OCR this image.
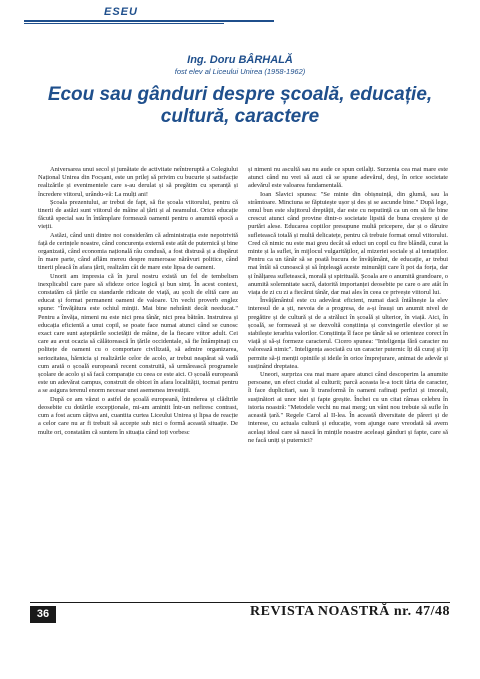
ESEU
Ing. Doru BÂRHALĂ
fost elev al Liceului Unirea (1958-1962)
Ecou sau gânduri despre școală, educație, cultură, caractere

Aniversarea unui secol și jumătate de activitate neîntreruptă a Colegiului Național Unirea din Focșani, este un prilej să privim cu bucurie și satisfacție realizările și evenimentele care s-au derulat și să pregătim cu speranță și încredere viitorul, urându-vă: La mulți ani!

Școala prezentului, ar trebui de fapt, să fie școala viitorului, pentru că tinerii de astăzi sunt viitorul de mâine al țării și al neamului. Orice educație făcută special sau în întâmplare formează oamenii pentru o anumită epocă a vieții.

Astăzi, când unii dintre noi considerăm că administrația este nepotrivită față de cerințele noastre, când concurența externă este atât de puternică și bine organizată, când economia națională râu condusă, a fost distrusă și a dispărut în mare parte, când aflăm mereu despre numeroase nărăvuri politice, când tinerii pleacă în afara țării, realizăm cât de mare este lipsa de oameni.

Unorii am impresia că în jurul nostru există un fel de tembelism inexplicabil care pare să sfideze orice logică și bun simț. În acest context, constatăm că țările cu standarde ridicate de viață, au școli de elită care au educat și format permanent oameni de valoare. Un vechi proverb englez spune: "Învățătura este ochiul minții. Mai bine nehrănit decât needucat." Pentru a învăța, nimeni nu este nici prea tânăr, nici prea bătrân. Instruirea și educația eficientă a unui copil, se poate face numai atunci când se cunosc exact care sunt așteptările societății de mâine, de la fiecare viitor adult. Cei care au avut ocazia să călătorească în țările occidentale, să fie întâmpinați cu politețe de oameni cu o comportare civilizată, să admire organizarea, seriozitatea, hărnicia și realizările celor de acolo, ar trebui neapărat să vadă cum arată o școală europeană recent construită, să urmărească programele școlare de acolo și să facă comparație cu ceea ce este aici. O școală europeană este un adevărat campus, construit de obicei în afara localității, tocmai pentru a se asigura terenul enorm necesar unei asemenea investiții.

După ce am văzut o astfel de școală europeană, întinderea și clădirile deosebite cu dotările excepționale, mi-am amintit într-un nefiresc contrast, cum a fost acum câțiva ani, cuantita curtea Liceului Unirea și lipsa de reacție a celor care nu ar fi trebuit să accepte sub nici o formă această situație. De multe ori, constatăm că suntem în situația când toți vorbesc

și nimeni nu ascultă sau nu aude ce spun ceilalți. Surzenia cea mai mare este atunci când nu vrei să auzi că se spune adevărul, deși, în orice societate adevărul este valoarea fundamentală.

Ioan Slavici spunea: "Se minte din obișnuință, din glumă, sau la strâmtoare. Minciuna se făptuiește ușor și des și se ascunde bine." După lege, omul bun este slujitorul dreptății, dar este cu neputință ca un om să fie bine crescut atunci când provine dintr-o societate lipsită de buna creștere și de purtări alese. Educarea copiilor presupune multă pricepere, dar și o dăruire sufletească totală și multă delicatețe, pentru că trebuie format omul viitorului. Cred că nimic nu este mai greu decât să educi un copil cu fire blândă, curat la minte și la suflet, în mijlocul vulgarităților, al mizeriei sociale și al tentațiilor. Pentru ca un tânăr să se poată bucura de învățământ, de educație, ar trebui mai întâi să cunoască și să înțeleagă aceste minunății care îi pot da forța, dar și înălțarea sufletească, morală și spirituală. Școala are o anumită grandoare, o anumită solemnitate sacră, datorită importanței deosebite pe care o are atât în viața de zi cu zi a fiecărui tânăr, dar mai ales în ceea ce privește viitorul lui.

Învățământul este cu adevărat eficient, numai dacă întâlnește la elev interesul de a ști, nevoia de a progresa, de a-și însuși un anumit nivel de pregătire și de cultură și de a străluci în școală și ulterior, în viață. Aici, în școală, se formează și se dezvoltă conștiința și convingerile elevilor și se stabilește ierarhia valorilor. Conștiința îl face pe tânăr să se orienteze corect în viață și să-și formeze caracterul. Cicero spunea: "Inteligența fără caracter nu valorează nimic". Inteligența asociată cu un caracter puternic îți dă curaj și îți permite să-ți menții opiniile și ideile în orice împrejurare, animat de adevăr și susținând dreptatea.

Uneori, surpriza cea mai mare apare atunci când descoperim la anumite persoane, un efect ciudat al culturii; parcă aceasta le-a tocit tăria de caracter, îi face duplicitari, sau îi transformă în oameni rafinați perfizi și imorali, susținători ai unor idei și fapte greșite. Închei cu un citat râmas celebru în istoria noastră: "Metodele vechi nu mai merg; un vânt nou trebuie să sufle în această țară." Regele Carol al II-lea. În această diversitate de păreri și de interese, cu actuala cultură și educație, vom ajunge oare vreodată să avem același ideal care să nască în mințile noastre aceleași gânduri și fapte, care să ne facă uniți și puternici?

36	REVISTA NOASTRĂ nr. 47/48
